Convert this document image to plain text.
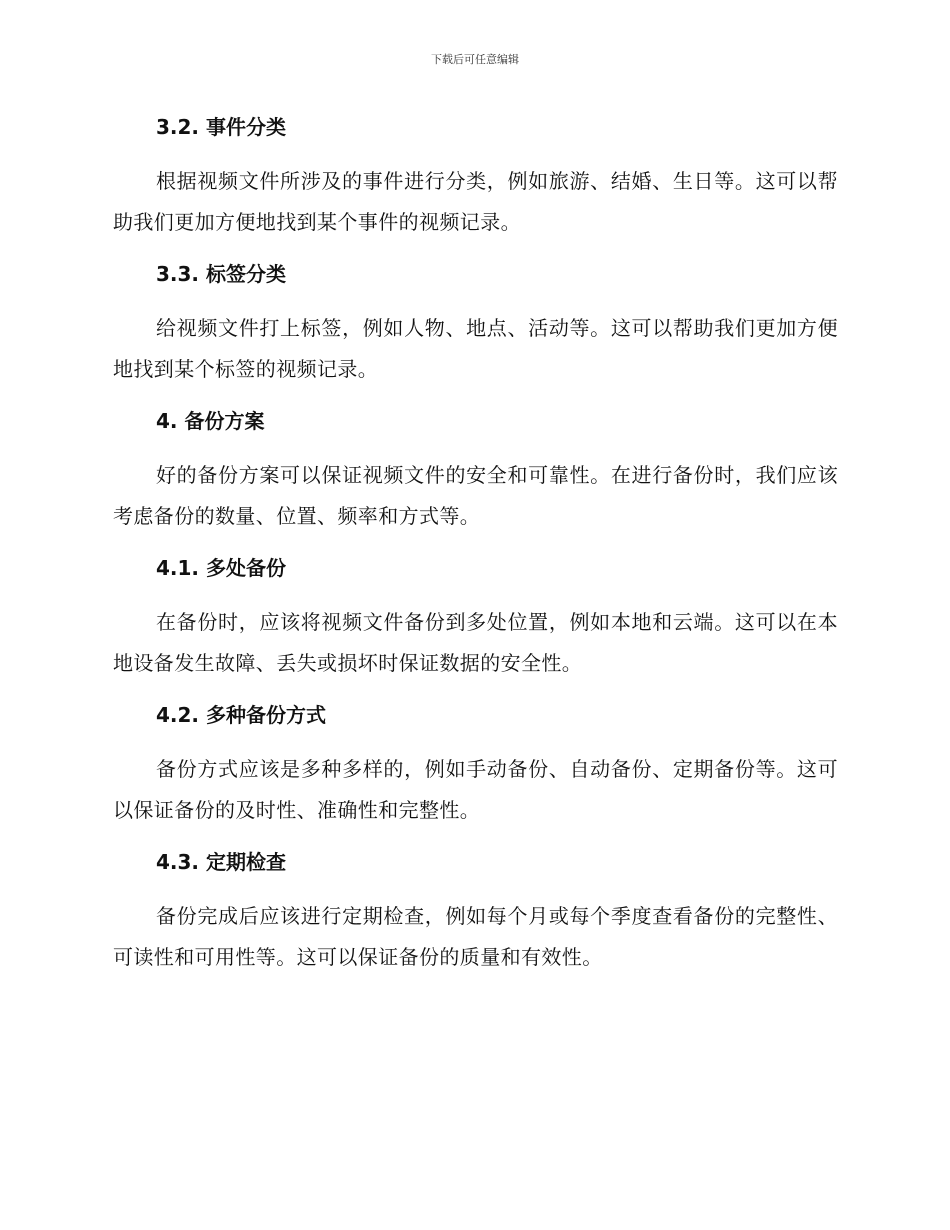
下载后可任意编辑
3.2. 事件分类

根据视频文件所涉及的事件进行分类，例如旅游、结婚、生日等。这可以帮助我们更加方便地找到某个事件的视频记录。

3.3. 标签分类

给视频文件打上标签，例如人物、地点、活动等。这可以帮助我们更加方便地找到某个标签的视频记录。

4. 备份方案

好的备份方案可以保证视频文件的安全和可靠性。在进行备份时，我们应该考虑备份的数量、位置、频率和方式等。

4.1. 多处备份

在备份时，应该将视频文件备份到多处位置，例如本地和云端。这可以在本地设备发生故障、丢失或损坏时保证数据的安全性。

4.2. 多种备份方式

备份方式应该是多种多样的，例如手动备份、自动备份、定期备份等。这可以保证备份的及时性、准确性和完整性。

4.3. 定期检查

备份完成后应该进行定期检查，例如每个月或每个季度查看备份的完整性、可读性和可用性等。这可以保证备份的质量和有效性。
